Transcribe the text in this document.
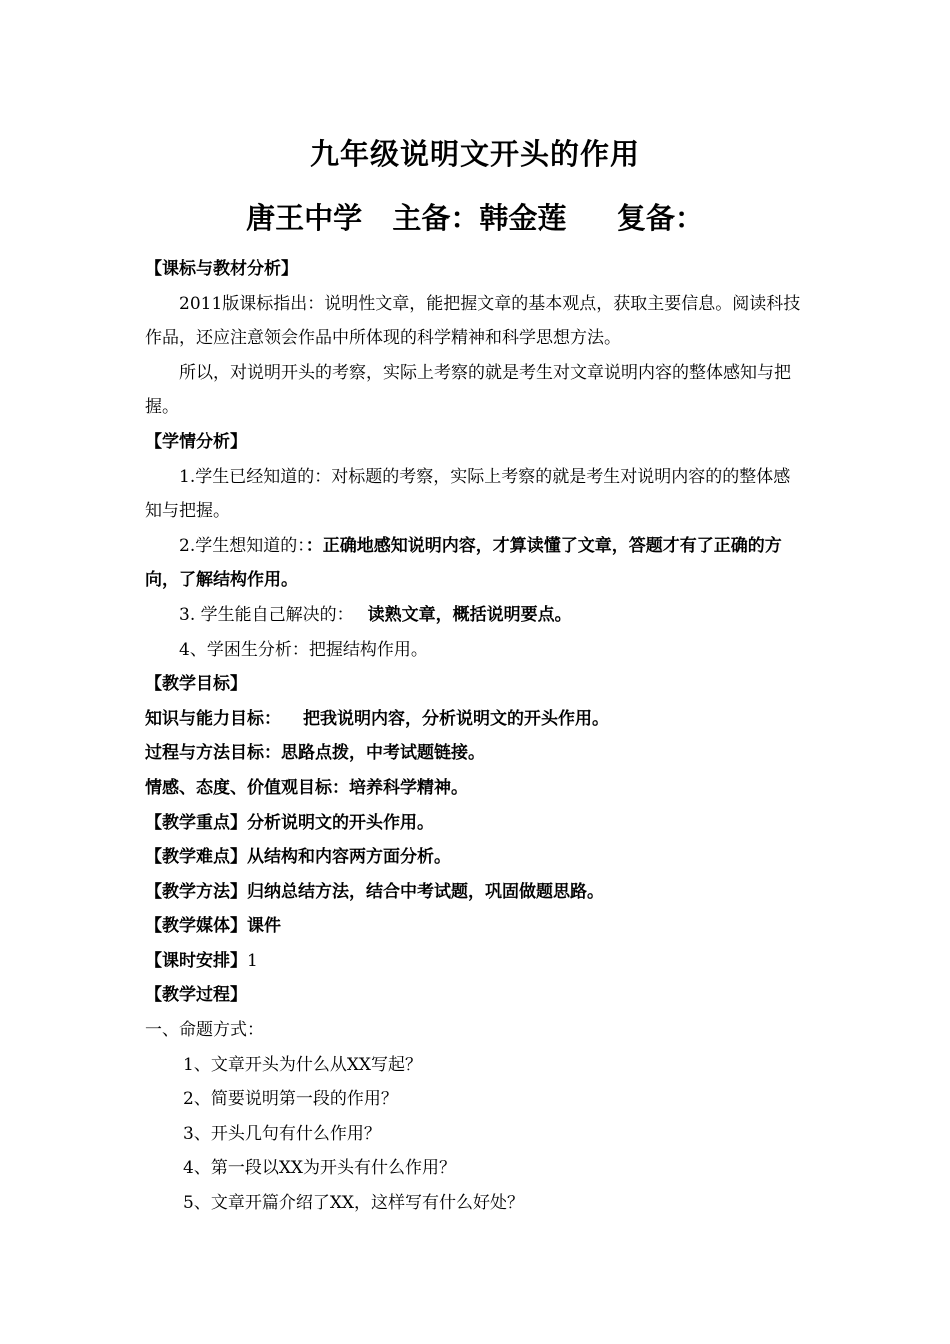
九年级说明文开头的作用
唐王中学   主备：韩金莲     复备：

【课标与教材分析】

2011版课标指出：说明性文章，能把握文章的基本观点，获取主要信息。阅读科技作品，还应注意领会作品中所体现的科学精神和科学思想方法。

所以，对说明开头的考察，实际上考察的就是考生对文章说明内容的整体感知与把握。

【学情分析】

1.学生已经知道的：对标题的考察，实际上考察的就是考生对说明内容的的整体感知与把握。

2.学生想知道的：：正确地感知说明内容，才算读懂了文章，答题才有了正确的方向，了解结构作用。

3. 学生能自己解决的： 读熟文章，概括说明要点。

4、学困生分析：把握结构作用。

【教学目标】

知识与能力目标： 把我说明内容，分析说明文的开头作用。

过程与方法目标：思路点拨，中考试题链接。

情感、态度、价值观目标：培养科学精神。

【教学重点】分析说明文的开头作用。

【教学难点】从结构和内容两方面分析。

【教学方法】归纳总结方法，结合中考试题，巩固做题思路。

【教学媒体】课件

【课时安排】1

【教学过程】

一、命题方式：

1、文章开头为什么从XX写起？

2、简要说明第一段的作用？

3、开头几句有什么作用？

4、第一段以XX为开头有什么作用？

5、文章开篇介绍了XX，这样写有什么好处？
